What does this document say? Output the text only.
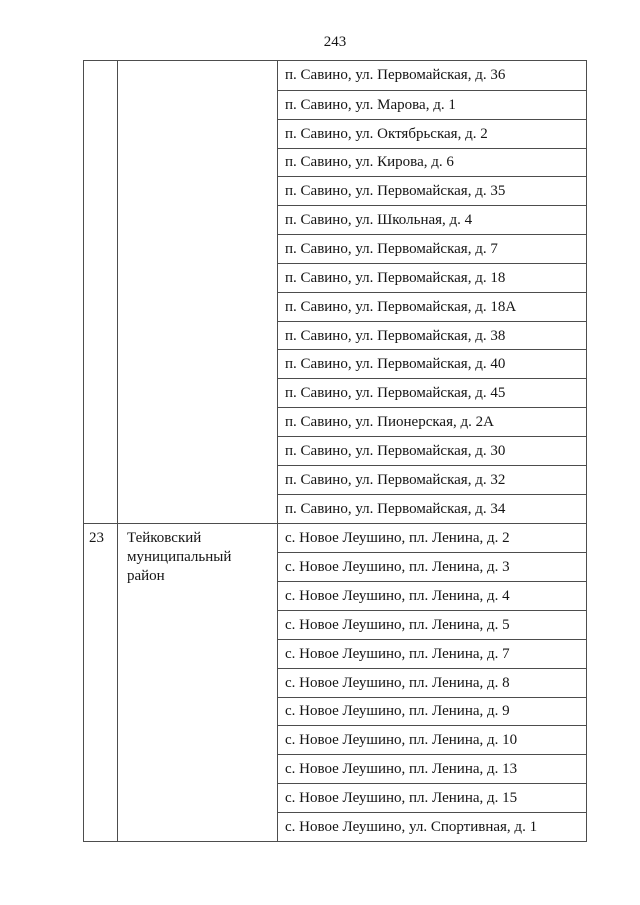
243
п. Савино, ул. Первомайская, д. 36
п. Савино, ул. Марова, д. 1
п. Савино, ул. Октябрьская, д. 2
п. Савино, ул. Кирова, д. 6
п. Савино, ул. Первомайская, д. 35
п. Савино, ул. Школьная, д. 4
п. Савино, ул. Первомайская, д. 7
п. Савино, ул. Первомайская, д. 18
п. Савино, ул. Первомайская, д. 18А
п. Савино, ул. Первомайская, д. 38
п. Савино, ул. Первомайская, д. 40
п. Савино, ул. Первомайская, д. 45
п. Савино, ул. Пионерская, д. 2А
п. Савино, ул. Первомайская, д. 30
п. Савино, ул. Первомайская, д. 32
п. Савино, ул. Первомайская, д. 34
23	Тейковский муниципальный район
с. Новое Леушино, пл. Ленина, д. 2
с. Новое Леушино, пл. Ленина, д. 3
с. Новое Леушино, пл. Ленина, д. 4
с. Новое Леушино, пл. Ленина, д. 5
с. Новое Леушино, пл. Ленина, д. 7
с. Новое Леушино, пл. Ленина, д. 8
с. Новое Леушино, пл. Ленина, д. 9
с. Новое Леушино, пл. Ленина, д. 10
с. Новое Леушино, пл. Ленина, д. 13
с. Новое Леушино, пл. Ленина, д. 15
с. Новое Леушино, ул. Спортивная, д. 1
